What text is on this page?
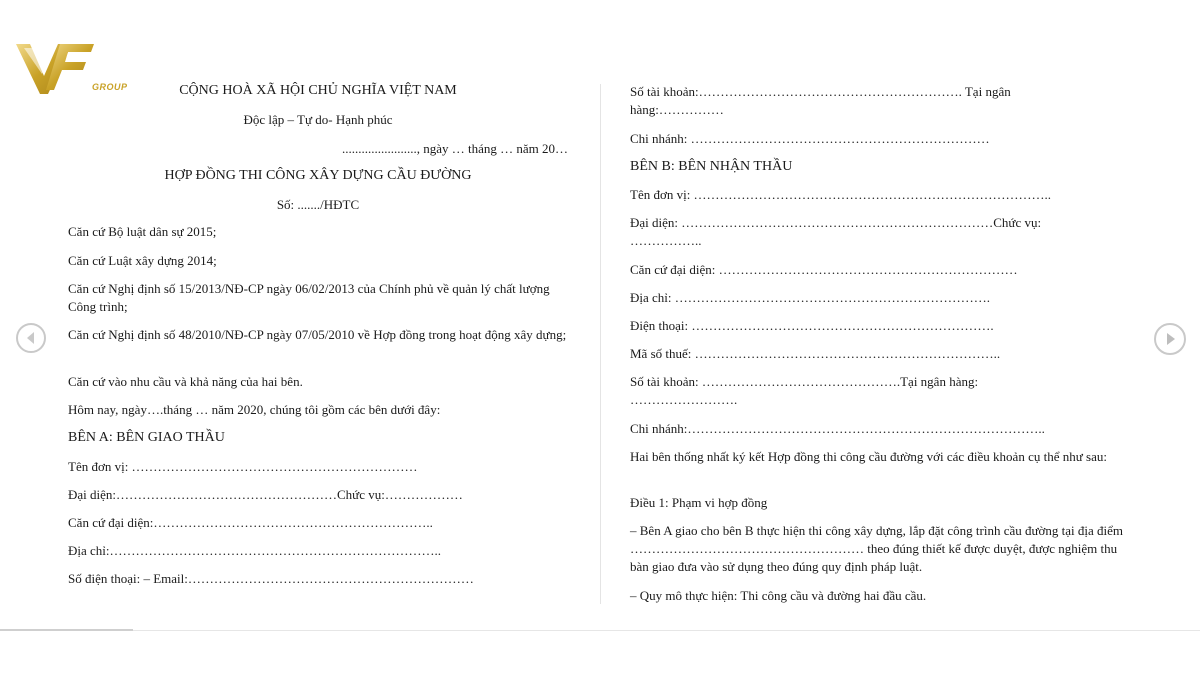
GROUP	CỘNG HOÀ XÃ HỘI CHỦ NGHĨA VIỆT NAM
Độc lập – Tự do- Hạnh phúc
......................., ngày … tháng … năm 20…
HỢP ĐỒNG THI CÔNG XÂY DỰNG CẦU ĐƯỜNG
Số: ......./HĐTC
Căn cứ Bộ luật dân sự 2015;
Căn cứ Luật xây dựng 2014;
Căn cứ Nghị định số 15/2013/NĐ-CP ngày 06/02/2013 của Chính phủ về quản lý chất lượng Công trình;
Căn cứ Nghị định số 48/2010/NĐ-CP ngày 07/05/2010 về Hợp đồng trong hoạt động xây dựng;
Căn cứ vào nhu cầu và khả năng của hai bên.
Hôm nay, ngày….tháng … năm 2020, chúng tôi gồm các bên dưới đây:
BÊN A: BÊN GIAO THẦU
Tên đơn vị: …………………………………………………………
Đại diện:……………………………………………Chức vụ:………………
Căn cứ đại diện:………………………………………………………..
Địa chỉ:…………………………………………………………………..
Số điện thoại: – Email:…………………………………………………………
Số tài khoản:……………………………………………………. Tại ngân hàng:……………
Chi nhánh: ……………………………………………………………
BÊN B: BÊN NHẬN THẦU
Tên đơn vị: ………………………………………………………………………..
Đại diện: ………………………………………………………………Chức vụ: ……………..
Căn cứ đại diện: ……………………………………………………………
Địa chỉ: ……………………………………………………………….
Điện thoại: …………………………………………………………….
Mã số thuế: ……………………………………………………………..
Số tài khoản: ……………………………………….Tại ngân hàng: …………………….
Chi nhánh:………………………………………………………………………..
Hai bên thống nhất ký kết Hợp đồng thi công cầu đường với các điều khoản cụ thể như sau:
Điều 1: Phạm vi hợp đồng
– Bên A giao cho bên B thực hiện thi công xây dựng, lắp đặt công trình cầu đường tại địa điểm ……………………………………………… theo đúng thiết kế được duyệt, được nghiệm thu bàn giao đưa vào sử dụng theo đúng quy định pháp luật.
– Quy mô thực hiện: Thi công cầu và đường hai đầu cầu.
